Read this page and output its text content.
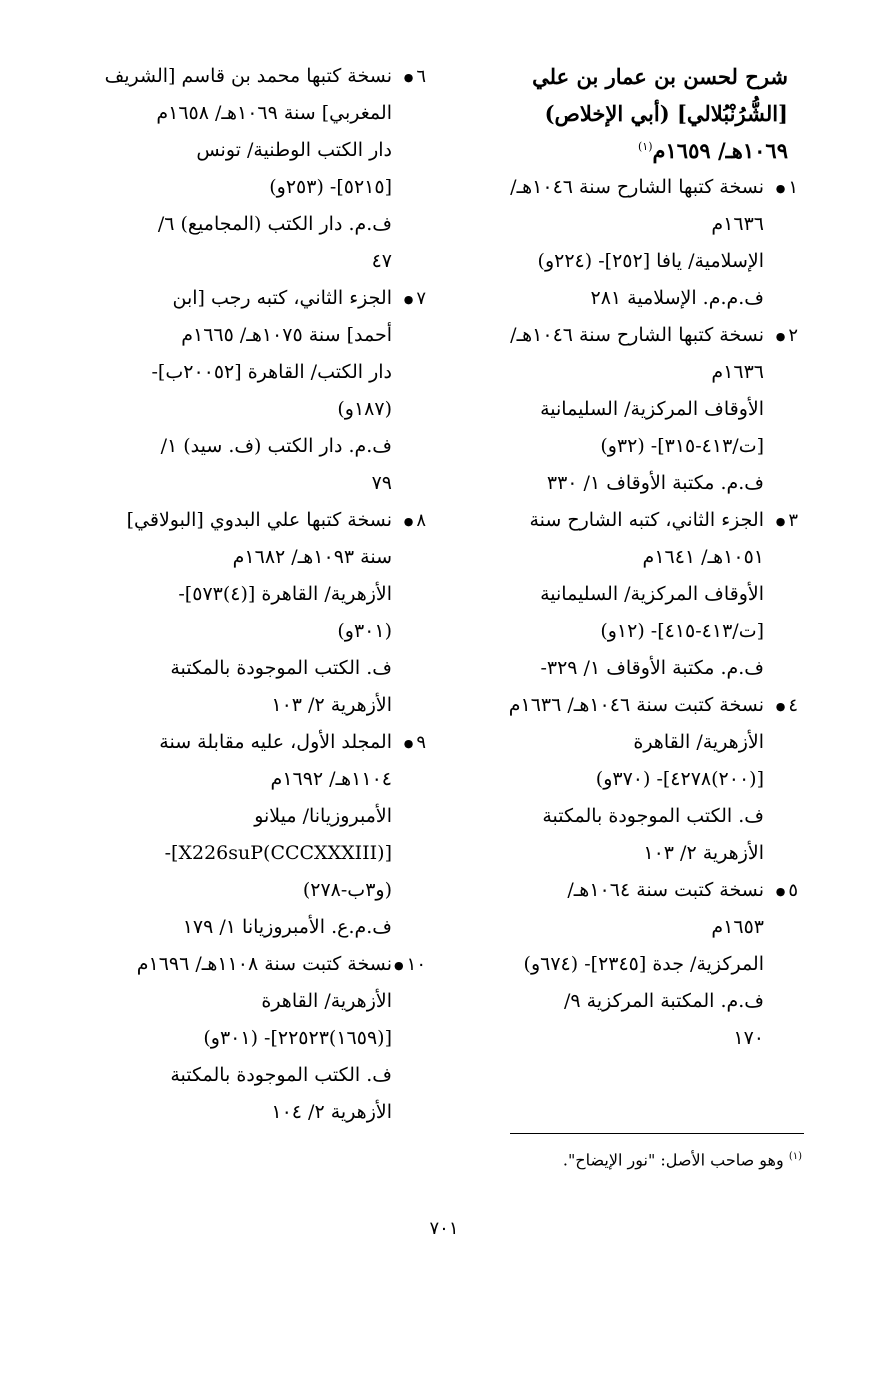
شرح لحسن بن عمار بن علي
[الشُّرُنْبُلالي] (أبي الإخلاص)
١٠٦٩هـ/ ١٦٥٩م$^{(١)}$
١●
نسخة كتبها الشارح سنة ١٠٤٦هـ/
١٦٣٦م
الإسلامية/ يافا [٢٥٢]- (٢٢٤و)
ف.م.م. الإسلامية ٢٨١
٢●
نسخة كتبها الشارح سنة ١٠٤٦هـ/
١٦٣٦م
الأوقاف المركزية/ السليمانية
[ت/٤١٣-٣١٥]- (٣٢و)
ف.م. مكتبة الأوقاف ١/ ٣٣٠
٣●
الجزء الثاني، كتبه الشارح سنة
١٠٥١هـ/ ١٦٤١م
الأوقاف المركزية/ السليمانية
[ت/٤١٣-٤١٥]- (١٢و)
ف.م. مكتبة الأوقاف ١/ ٣٢٩-
٤●
نسخة كتبت سنة ١٠٤٦هـ/ ١٦٣٦م
الأزهرية/ القاهرة
[(٢٠٠)٤٢٧٨]- (٣٧٠و)
ف. الكتب الموجودة بالمكتبة
الأزهرية ٢/ ١٠٣
٥●
نسخة كتبت سنة ١٠٦٤هـ/
١٦٥٣م
المركزية/ جدة [٢٣٤٥]- (٦٧٤و)
ف.م. المكتبة المركزية ٩/
١٧٠
٦●
نسخة كتبها محمد بن قاسم [الشريف
المغربي] سنة ١٠٦٩هـ/ ١٦٥٨م
دار الكتب الوطنية/ تونس
[٥٢١٥]- (٢٥٣و)
ف.م. دار الكتب (المجاميع) ٦/
٤٧
٧●
الجزء الثاني، كتبه رجب [ابن
أحمد] سنة ١٠٧٥هـ/ ١٦٦٥م
دار الكتب/ القاهرة [٢٠٠٥٢ب]-
(١٨٧و)
ف.م. دار الكتب (ف. سيد) ١/
٧٩
٨●
نسخة كتبها علي البدوي [البولاقي]
سنة ١٠٩٣هـ/ ١٦٨٢م
الأزهرية/ القاهرة [(٤)٥٧٣]-
(٣٠١و)
ف. الكتب الموجودة بالمكتبة
الأزهرية ٢/ ١٠٣
٩●
المجلد الأول، عليه مقابلة سنة
١١٠٤هـ/ ١٦٩٢م
الأمبروزيانا/ ميلانو
[X226suP(CCCXXXIII)]-
(و٣ب-٢٧٨)
ف.م.ع. الأمبروزيانا ١/ ١٧٩
١٠●
نسخة كتبت سنة ١١٠٨هـ/ ١٦٩٦م
الأزهرية/ القاهرة
[(١٦٥٩)٢٢٥٢٣]- (٣٠١و)
ف. الكتب الموجودة بالمكتبة
الأزهرية ٢/ ١٠٤
$^{(١)}$ وهو صاحب الأصل: "نور الإيضاح".
٧٠١
